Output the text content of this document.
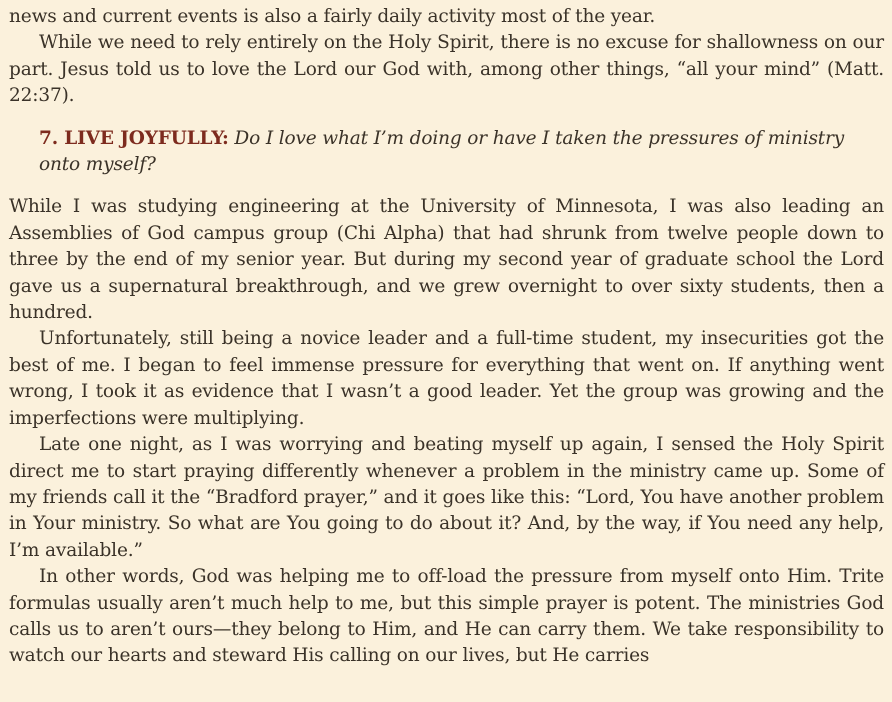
news and current events is also a fairly daily activity most of the year.

While we need to rely entirely on the Holy Spirit, there is no excuse for shallowness on our part. Jesus told us to love the Lord our God with, among other things, “all your mind” (Matt. 22:37).

7. LIVE JOYFULLY: Do I love what I’m doing or have I taken the pressures of ministry onto myself?

While I was studying engineering at the University of Minnesota, I was also leading an Assemblies of God campus group (Chi Alpha) that had shrunk from twelve people down to three by the end of my senior year. But during my second year of graduate school the Lord gave us a supernatural breakthrough, and we grew overnight to over sixty students, then a hundred.

Unfortunately, still being a novice leader and a full-time student, my insecurities got the best of me. I began to feel immense pressure for everything that went on. If anything went wrong, I took it as evidence that I wasn’t a good leader. Yet the group was growing and the imperfections were multiplying.

Late one night, as I was worrying and beating myself up again, I sensed the Holy Spirit direct me to start praying differently whenever a problem in the ministry came up. Some of my friends call it the “Bradford prayer,” and it goes like this: “Lord, You have another problem in Your ministry. So what are You going to do about it? And, by the way, if You need any help, I’m available.”

In other words, God was helping me to off-load the pressure from myself onto Him. Trite formulas usually aren’t much help to me, but this simple prayer is potent. The ministries God calls us to aren’t ours—they belong to Him, and He can carry them. We take responsibility to watch our hearts and steward His calling on our lives, but He carries
